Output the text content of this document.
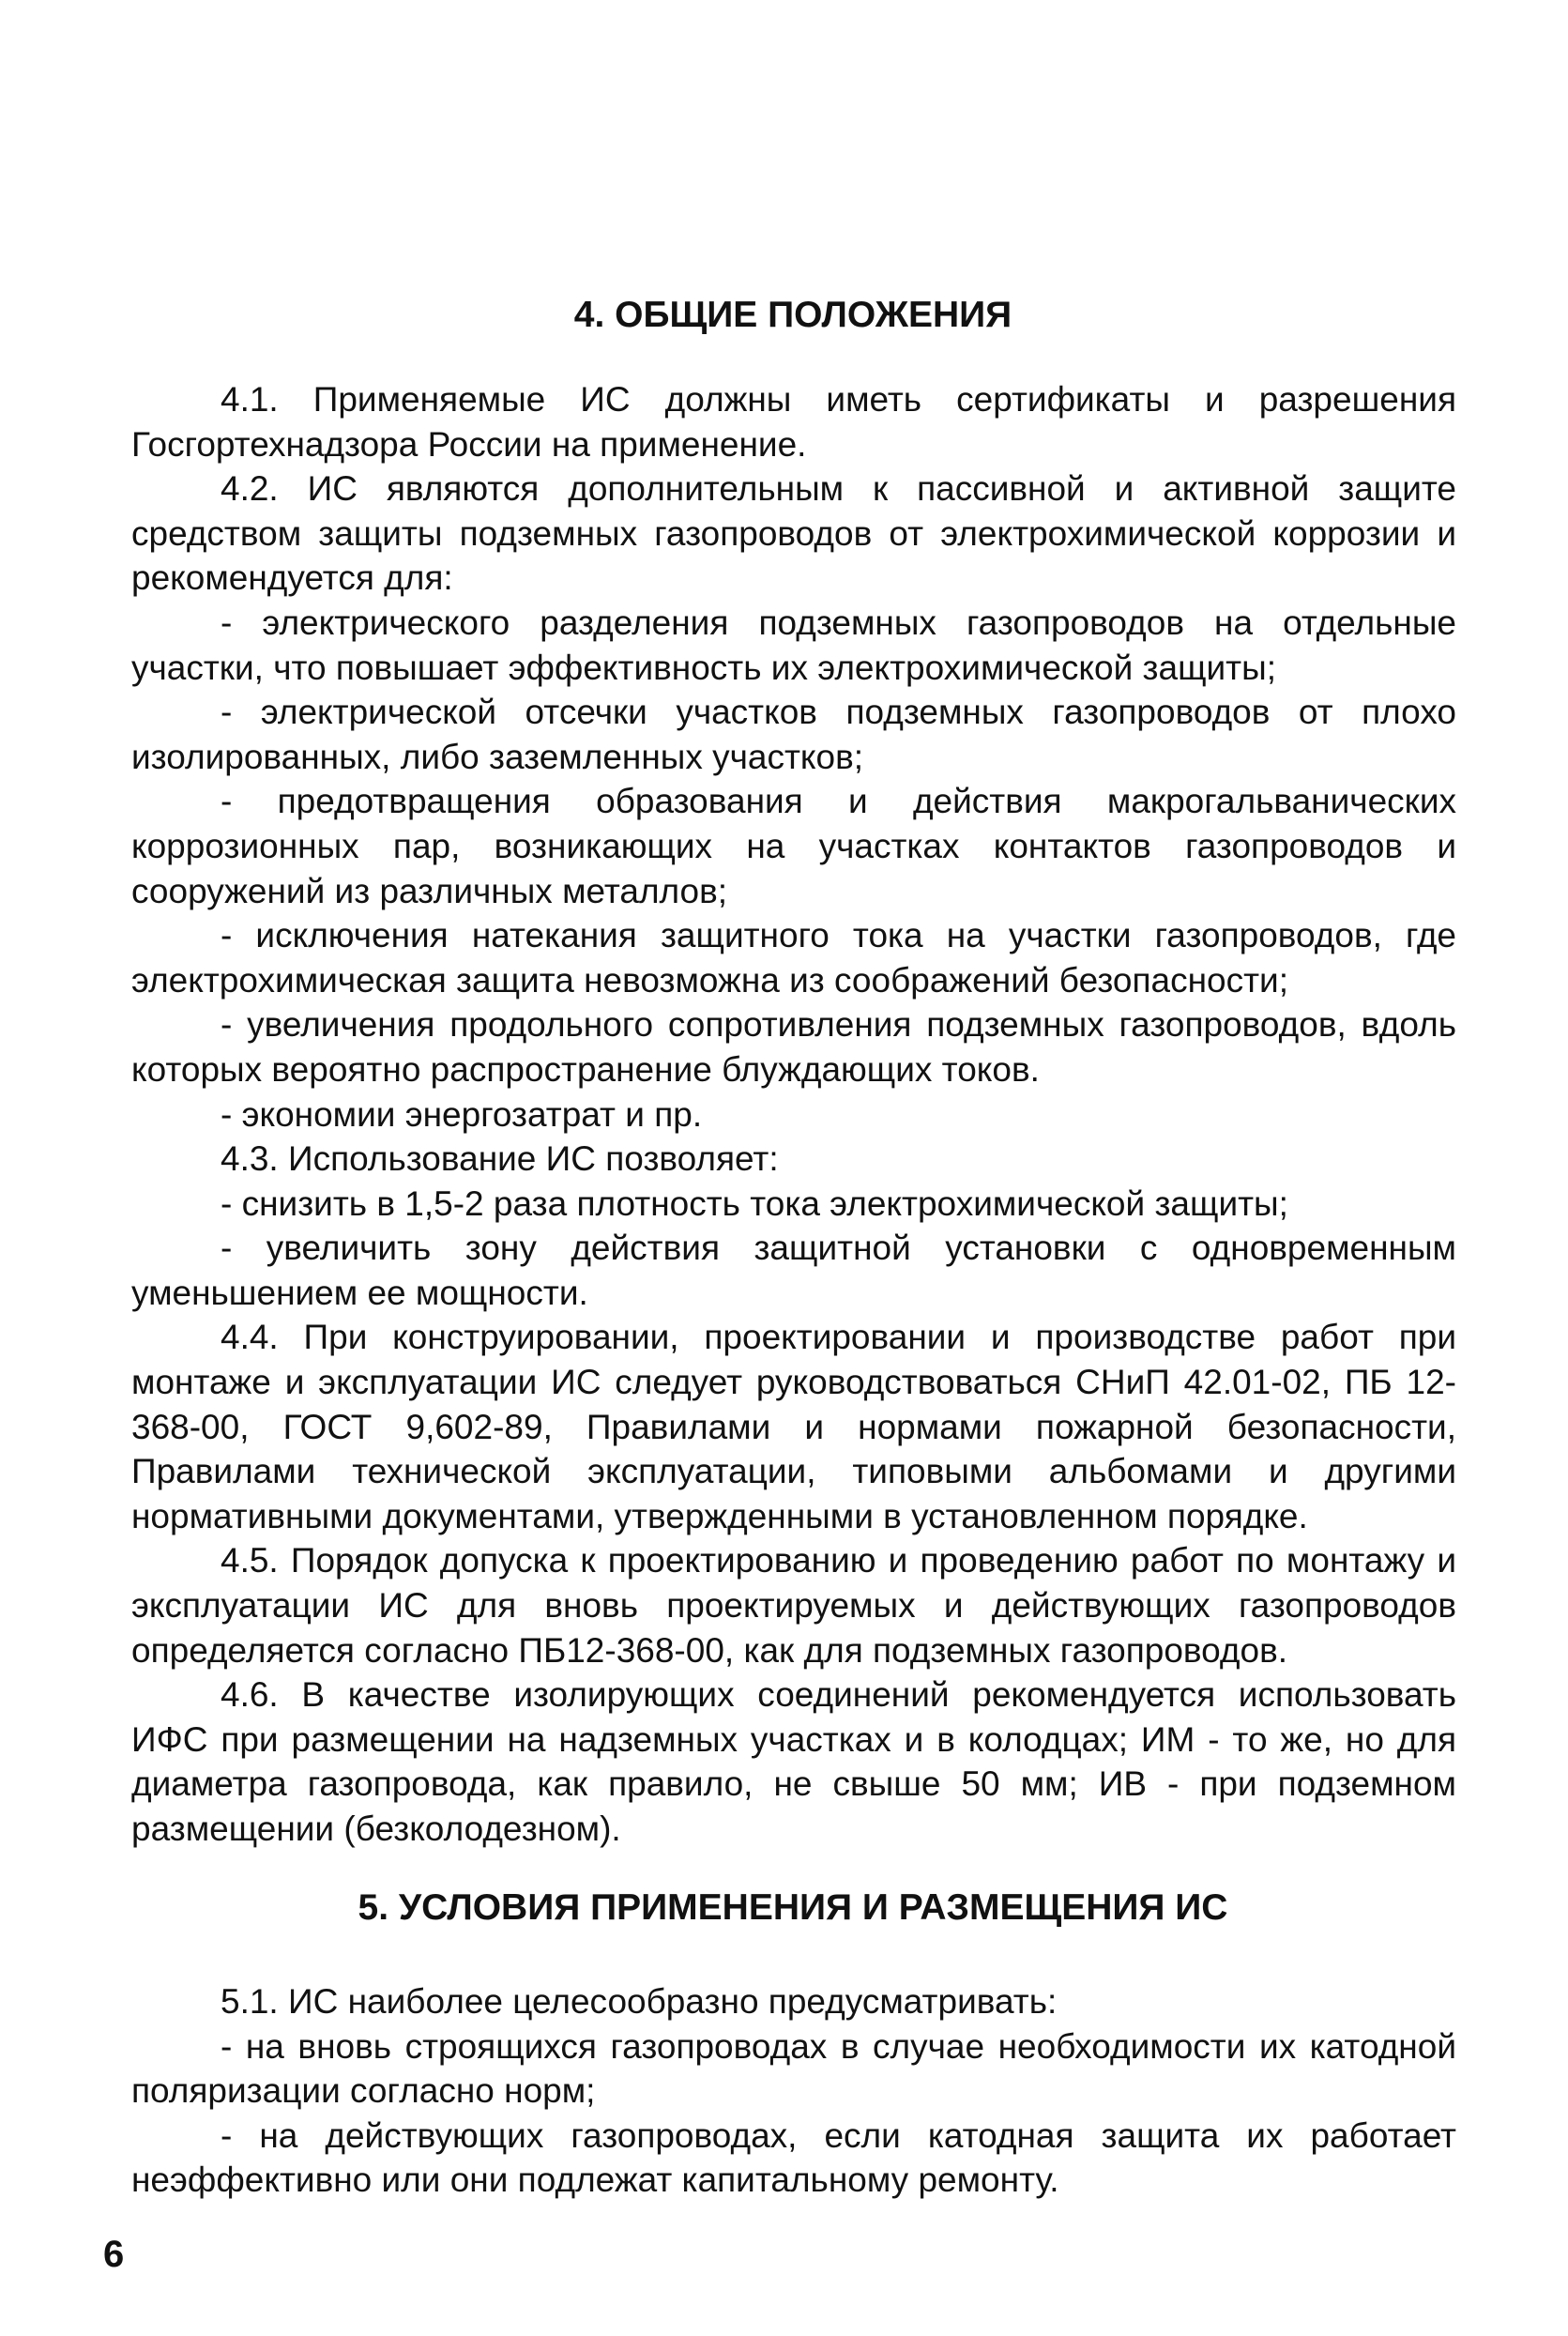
4. ОБЩИЕ ПОЛОЖЕНИЯ

4.1. Применяемые ИС должны иметь сертификаты и разрешения Госгортехнадзора России на применение.

4.2. ИС являются дополнительным к пассивной и активной защите средством защиты подземных газопроводов от электрохимической коррозии и рекомендуется для:

- электрического разделения подземных газопроводов на отдельные участки, что повышает эффективность их электрохимической защиты;

- электрической отсечки участков подземных газопроводов от плохо изолированных, либо заземленных участков;

- предотвращения образования и действия макрогальванических коррозионных пар, возникающих на участках контактов газопроводов и сооружений из различных металлов;

- исключения натекания защитного тока на участки газопроводов, где электрохимическая защита невозможна из соображений безопасности;

- увеличения продольного сопротивления подземных газопроводов, вдоль которых вероятно распространение блуждающих токов.

- экономии энергозатрат и пр.

4.3. Использование ИС позволяет:

- снизить в 1,5-2 раза плотность тока электрохимической защиты;

- увеличить зону действия защитной установки с одновременным уменьшением ее мощности.

4.4. При конструировании, проектировании и производстве работ при монтаже и эксплуатации ИС следует руководствоваться СНиП 42.01-02, ПБ 12-368-00, ГОСТ 9,602-89, Правилами и нормами пожарной безопасности, Правилами технической эксплуатации, типовыми альбомами и другими нормативными документами, утвержденными в установленном порядке.

4.5. Порядок допуска к проектированию и проведению работ по монтажу и эксплуатации ИС для вновь проектируемых и действующих газопроводов определяется согласно ПБ12-368-00, как для подземных газопроводов.

4.6. В качестве изолирующих соединений рекомендуется использовать ИФС при размещении на надземных участках и в колодцах; ИМ - то же, но для диаметра газопровода, как правило, не свыше 50 мм; ИВ - при подземном размещении (безколодезном).

5. УСЛОВИЯ ПРИМЕНЕНИЯ И РАЗМЕЩЕНИЯ ИС

5.1. ИС наиболее целесообразно предусматривать:

- на вновь строящихся газопроводах в случае необходимости их катодной поляризации согласно норм;

- на действующих газопроводах, если катодная защита их работает неэффективно или они подлежат капитальному ремонту.

6
